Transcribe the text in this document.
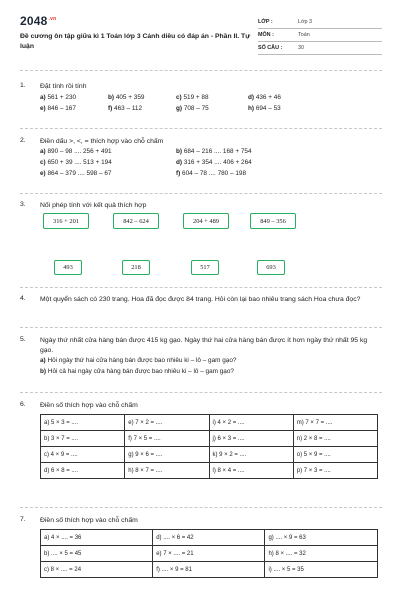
$2048^{.vn}$
Đề cương ôn tập giữa kì 1 Toán lớp 3 Cánh diều có đáp án - Phần II. Tự luận
LỚP :	Lớp 3
MÔN :	Toán
SỐ CÂU :	30
1. Đặt tính rồi tính
a) 561 + 230	b) 405 + 359	c) 519 + 88	d) 436 + 46
e) 846 – 167	f) 463 – 112	g) 708 – 75	h) 694 – 53
2. Điền dấu >, <, = thích hợp vào chỗ chấm
a) 890 – 98 .... 256 + 491	b) 684 – 216 .... 168 + 754
c) 650 + 39 .... 513 + 194	d) 316 + 354 .... 406 + 264
e) 864 – 379 .... 598 – 67	f) 604 – 78 .... 780 – 198
3. Nối phép tính với kết quả thích hợp
316 + 201	842 – 624	204 + 489	849 – 356
493	218	517	693
4. Một quyển sách có 230 trang. Hoa đã đọc được 84 trang. Hỏi còn lại bao nhiêu trang sách Hoa chưa đọc?
5. Ngày thứ nhất cửa hàng bán được 415 kg gạo. Ngày thứ hai cửa hàng bán được ít hơn ngày thứ nhất 95 kg gạo.
a) Hỏi ngày thứ hai cửa hàng bán được bao nhiêu ki – lô – gam gạo?
b) Hỏi cả hai ngày cửa hàng bán được bao nhiêu ki – lô – gam gạo?
6. Điền số thích hợp vào chỗ chấm
a) 5 × 3 = ....	e) 7 × 2 = ....	i) 4 × 2 = ....	m) 7 × 7 = ....
b) 3 × 7 = ....	f) 7 × 5 = ....	j) 6 × 3 = ....	n) 2 × 8 = ....
c) 4 × 9 = ....	g) 9 × 6 = ....	k) 9 × 2 = ....	o) 5 × 9 = ....
d) 6 × 8 = ....	h) 8 × 7 = ....	l) 8 × 4 = ....	p) 7 × 3 = ....
7. Điền số thích hợp vào chỗ chấm
a) 4 × .... = 36	d) .... × 6 = 42	g) .... × 9 = 63
b) .... × 5 = 45	e) 7 × .... = 21	h) 8 × .... = 32
c) 8 × .... = 24	f) .... × 9 = 81	i) .... × 5 = 35
